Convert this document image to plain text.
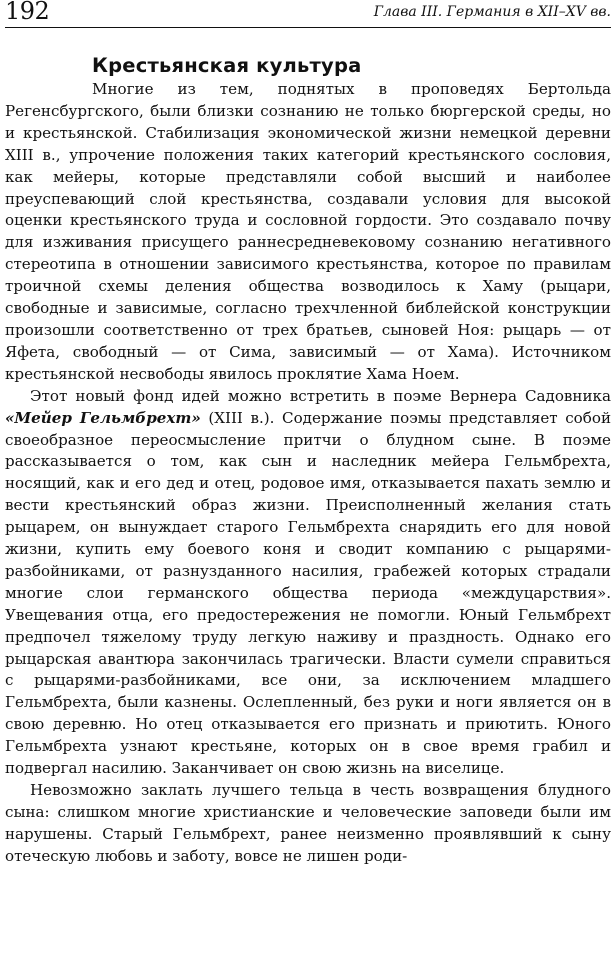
192	Глава III. Германия в XII–XV вв.
Крестьянская культура

Многие из тем, поднятых в проповедях Бертольда Регенсбургского, были близки сознанию не только бюргерской среды, но и крестьянской. Стабилизация экономической жизни немецкой деревни XIII в., упрочение положения таких категорий крестьянского сословия, как мейеры, которые представляли собой высший и наиболее преуспевающий слой крестьянства, создавали условия для высокой оценки крестьянского труда и сословной гордости. Это создавало почву для изживания присущего раннесредневековому сознанию негативного стереотипа в отношении зависимого крестьянства, которое по правилам троичной схемы деления общества возводилось к Хаму (рыцари, свободные и зависимые, согласно трехчленной библейской конструкции произошли соответственно от трех братьев, сыновей Ноя: рыцарь — от Яфета, свободный — от Сима, зависимый — от Хама). Источником крестьянской несвободы явилось проклятие Хама Ноем.

Этот новый фонд идей можно встретить в поэме Вернера Садовника «Мейер Гельмбрехт» (XIII в.). Содержание поэмы представляет собой своеобразное переосмысление притчи о блудном сыне. В поэме рассказывается о том, как сын и наследник мейера Гельмбрехта, носящий, как и его дед и отец, родовое имя, отказывается пахать землю и вести крестьянский образ жизни. Преисполненный желания стать рыцарем, он вынуждает старого Гельмбрехта снарядить его для новой жизни, купить ему боевого коня и сводит компанию с рыцарями-разбойниками, от разнузданного насилия, грабежей которых страдали многие слои германского общества периода «междуцарствия». Увещевания отца, его предостережения не помогли. Юный Гельмбрехт предпочел тяжелому труду легкую наживу и праздность. Однако его рыцарская авантюра закончилась трагически. Власти сумели справиться с рыцарями-разбойниками, все они, за исключением младшего Гельмбрехта, были казнены. Ослепленный, без руки и ноги является он в свою деревню. Но отец отказывается его признать и приютить. Юного Гельмбрехта узнают крестьяне, которых он в свое время грабил и подвергал насилию. Заканчивает он свою жизнь на виселице.

Невозможно заклать лучшего тельца в честь возвращения блудного сына: слишком многие христианские и человеческие заповеди были им нарушены. Старый Гельмбрехт, ранее неизменно проявлявший к сыну отеческую любовь и заботу, вовсе не лишен роди-
